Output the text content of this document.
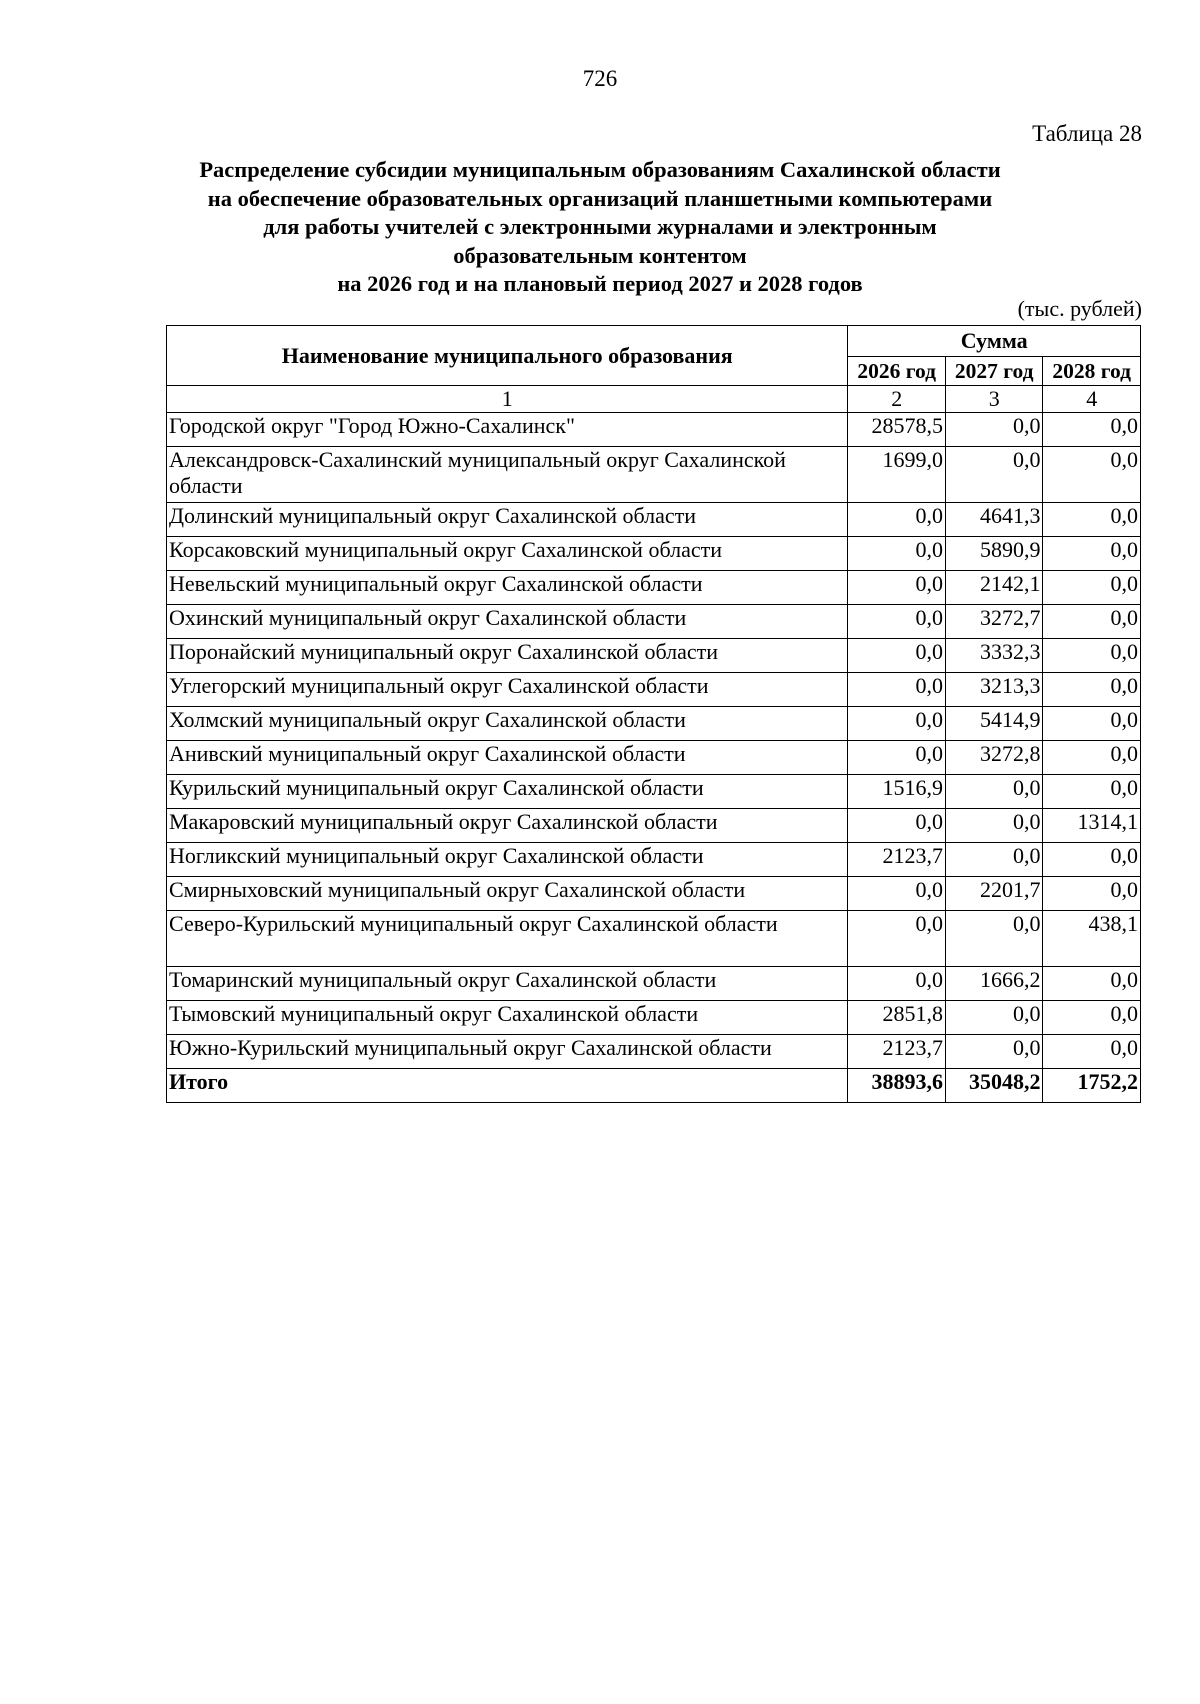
726
Таблица 28
Распределение субсидии муниципальным образованиям Сахалинской области
на обеспечение образовательных организаций планшетными компьютерами
для работы учителей с электронными журналами и электронным
образовательным контентом
на 2026 год и на плановый период 2027 и 2028 годов
(тыс. рублей)
Наименование муниципального образования	Сумма		
	2026 год	2027 год	2028 год
1	2	3	4
Городской округ "Город Южно-Сахалинск"	28578,5	0,0	0,0
Александровск-Сахалинский муниципальный округ Сахалинской области	1699,0	0,0	0,0
Долинский муниципальный округ Сахалинской области	0,0	4641,3	0,0
Корсаковский муниципальный округ Сахалинской области	0,0	5890,9	0,0
Невельский муниципальный округ Сахалинской области	0,0	2142,1	0,0
Охинский муниципальный округ Сахалинской области	0,0	3272,7	0,0
Поронайский муниципальный округ Сахалинской области	0,0	3332,3	0,0
Углегорский муниципальный округ Сахалинской области	0,0	3213,3	0,0
Холмский муниципальный округ Сахалинской области	0,0	5414,9	0,0
Анивский муниципальный округ Сахалинской области	0,0	3272,8	0,0
Курильский муниципальный округ Сахалинской области	1516,9	0,0	0,0
Макаровский муниципальный округ Сахалинской области	0,0	0,0	1314,1
Ногликский муниципальный округ Сахалинской области	2123,7	0,0	0,0
Смирныховский муниципальный округ Сахалинской области	0,0	2201,7	0,0
Северо-Курильский муниципальный округ Сахалинской области	0,0	0,0	438,1
Томаринский муниципальный округ Сахалинской области	0,0	1666,2	0,0
Тымовский муниципальный округ Сахалинской области	2851,8	0,0	0,0
Южно-Курильский муниципальный округ Сахалинской области	2123,7	0,0	0,0
Итого	38893,6	35048,2	1752,2
